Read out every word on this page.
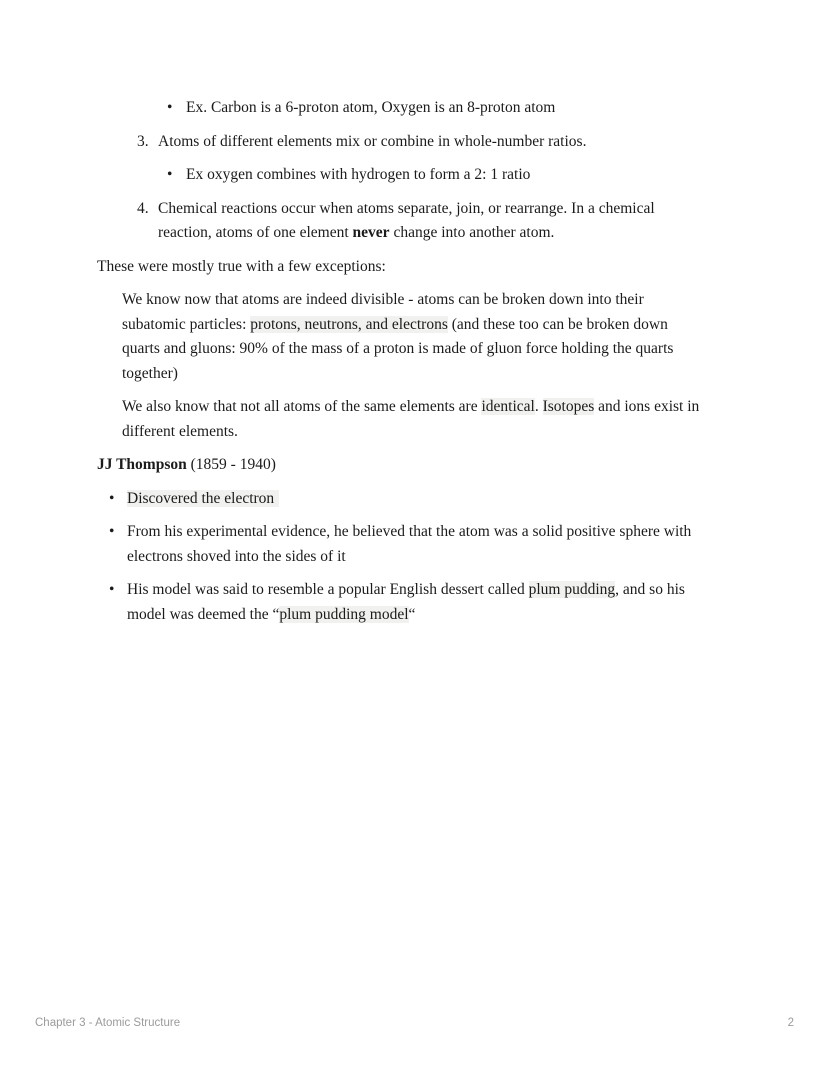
• Ex. Carbon is a 6-proton atom, Oxygen is an 8-proton atom
3. Atoms of different elements mix or combine in whole-number ratios.
• Ex oxygen combines with hydrogen to form a 2: 1 ratio
4. Chemical reactions occur when atoms separate, join, or rearrange. In a chemical
reaction, atoms of one element never change into another atom.
These were mostly true with a few exceptions:
We know now that atoms are indeed divisible - atoms can be broken down into their
subatomic particles: protons, neutrons, and electrons (and these too can be broken down
quarts and gluons: 90% of the mass of a proton is made of gluon force holding the quarts
together)
We also know that not all atoms of the same elements are identical. Isotopes and ions exist in
different elements.
JJ Thompson (1859 - 1940)
• Discovered the electron
• From his experimental evidence, he believed that the atom was a solid positive sphere with
electrons shoved into the sides of it
• His model was said to resemble a popular English dessert called plum pudding, and so his
model was deemed the “plum pudding model“
Chapter 3 - Atomic Structure	2
